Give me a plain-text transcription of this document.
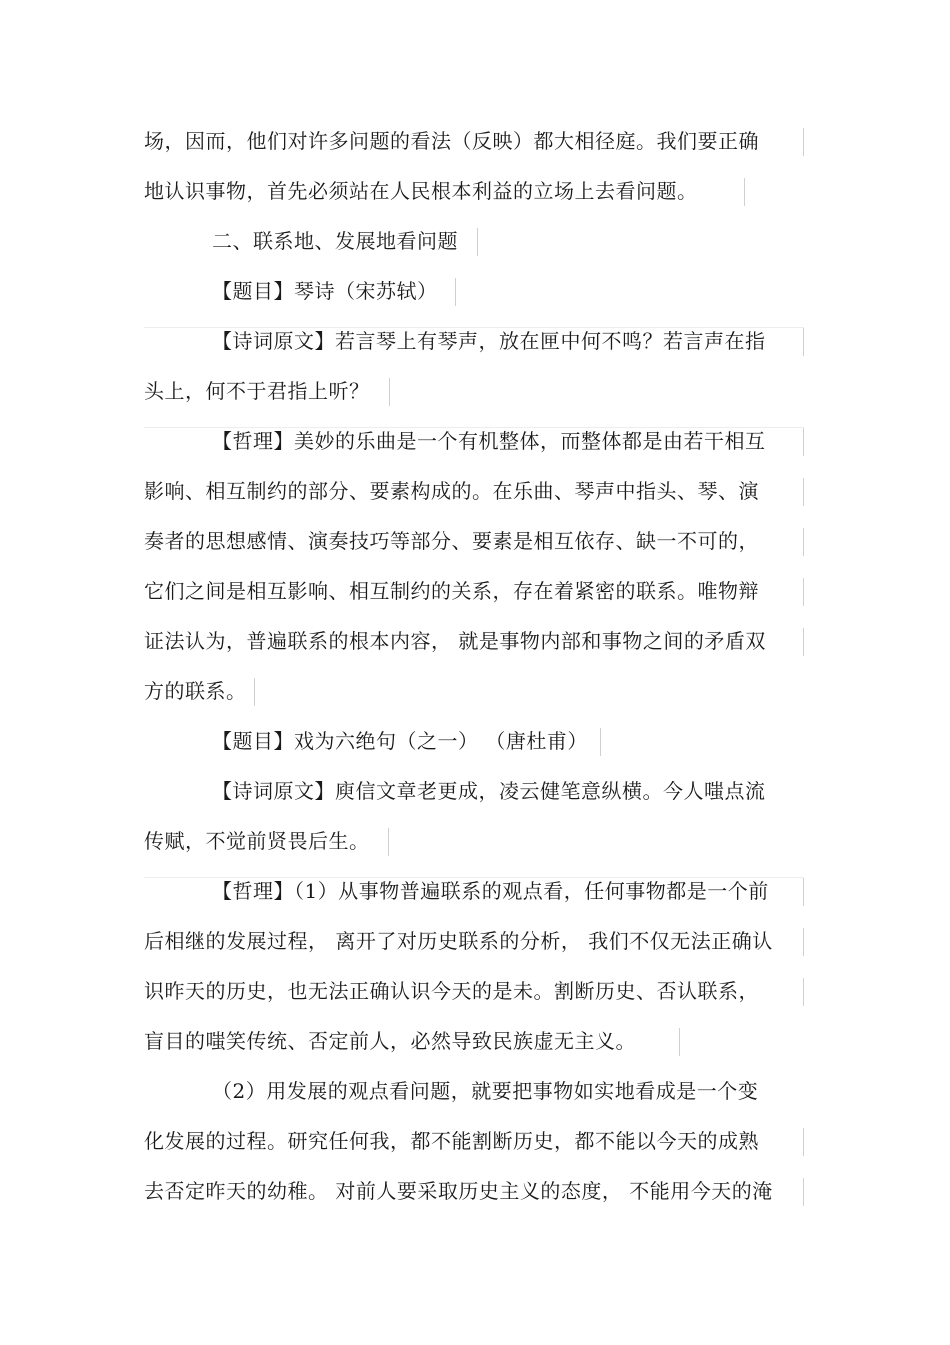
场，因而，他们对许多问题的看法（反映）都大相径庭。我们要正确
地认识事物，首先必须站在人民根本利益的立场上去看问题。
二、联系地、发展地看问题
【题目】琴诗（宋苏轼）
【诗词原文】若言琴上有琴声，放在匣中何不鸣？若言声在指
头上，何不于君指上听？
【哲理】美妙的乐曲是一个有机整体，而整体都是由若干相互
影响、相互制约的部分、要素构成的。在乐曲、琴声中指头、琴、演
奏者的思想感情、演奏技巧等部分、要素是相互依存、缺一不可的，
它们之间是相互影响、相互制约的关系，存在着紧密的联系。唯物辩
证法认为，普遍联系的根本内容， 就是事物内部和事物之间的矛盾双
方的联系。
【题目】戏为六绝句（之一） （唐杜甫）
【诗词原文】庾信文章老更成，凌云健笔意纵横。今人嗤点流
传赋，不觉前贤畏后生。
【哲理】（1）从事物普遍联系的观点看，任何事物都是一个前
后相继的发展过程， 离开了对历史联系的分析， 我们不仅无法正确认
识昨天的历史，也无法正确认识今天的是未。割断历史、否认联系，
盲目的嗤笑传统、否定前人，必然导致民族虚无主义。
（2）用发展的观点看问题，就要把事物如实地看成是一个变
化发展的过程。研究任何我，都不能割断历史，都不能以今天的成熟
去否定昨天的幼稚。 对前人要采取历史主义的态度， 不能用今天的淹
